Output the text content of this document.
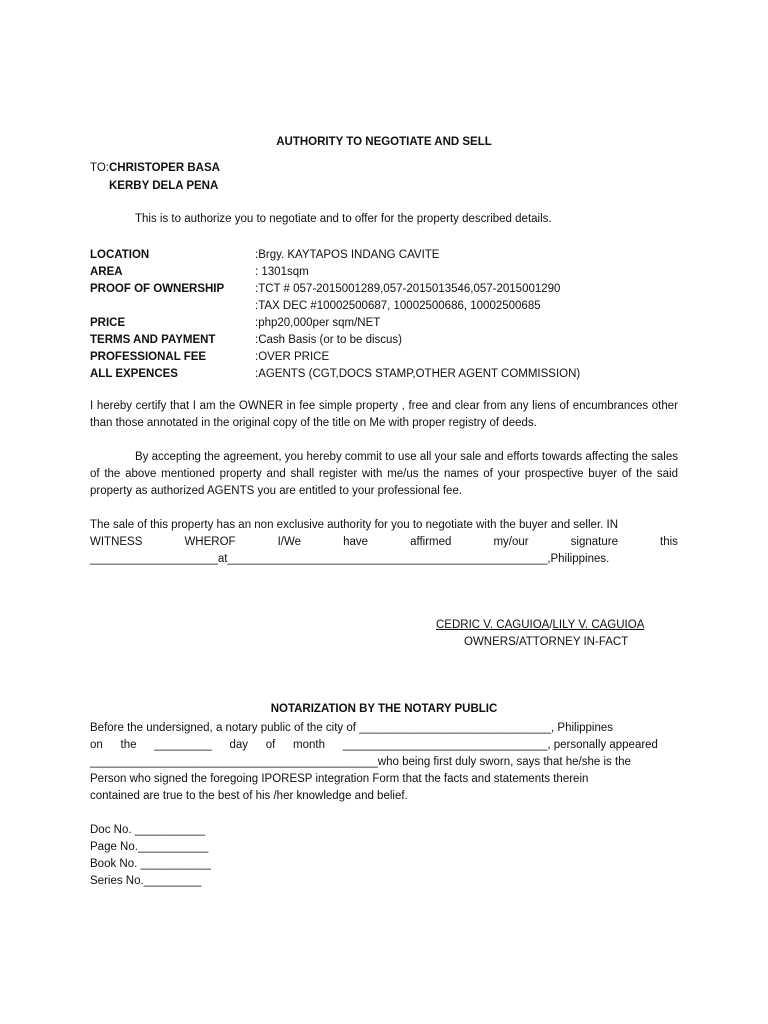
AUTHORITY TO NEGOTIATE AND SELL
TO:CHRISTOPER BASA
KERBY DELA PENA
This is to authorize you to negotiate and to offer for the property described details.
LOCATION	:Brgy. KAYTAPOS INDANG CAVITE
AREA	: 1301sqm
PROOF OF OWNERSHIP	:TCT # 057-2015001289,057-2015013546,057-2015001290
:TAX DEC #10002500687, 10002500686, 10002500685
PRICE	:php20,000per sqm/NET
TERMS AND PAYMENT	:Cash Basis (or to be discus)
PROFESSIONAL FEE	:OVER PRICE
ALL EXPENCES	:AGENTS (CGT,DOCS STAMP,OTHER AGENT COMMISSION)
I hereby certify that I am the OWNER in fee simple property , free and clear from any liens of encumbrances other than those annotated in the original copy of the title on Me with proper registry of deeds.
By accepting the agreement, you hereby commit to use all your sale and efforts towards affecting the sales of the above mentioned property and shall register with me/us the names of your prospective buyer of the said property as authorized AGENTS you are entitled to your professional fee.
The sale of this property has an non exclusive authority for you to negotiate with the buyer and seller. IN
WITNESS	WHEROF	I/We	have	affirmed	my/our	signature	this
____________________at__________________________________________________,Philippines.
CEDRIC V. CAGUIOA/LILY V. CAGUIOA
OWNERS/ATTORNEY IN-FACT
NOTARIZATION BY THE NOTARY PUBLIC
Before the undersigned, a notary public of the city of ______________________________, Philippines
on the _________ day of month ________________________________, personally appeared
_____________________________________________who being first duly sworn, says that he/she is the
Person who signed the foregoing IPORESP integration Form that the facts and statements therein
contained are true to the best of his /her knowledge and belief.
Doc No. ___________
Page No.___________
Book No. ___________
Series No._________
